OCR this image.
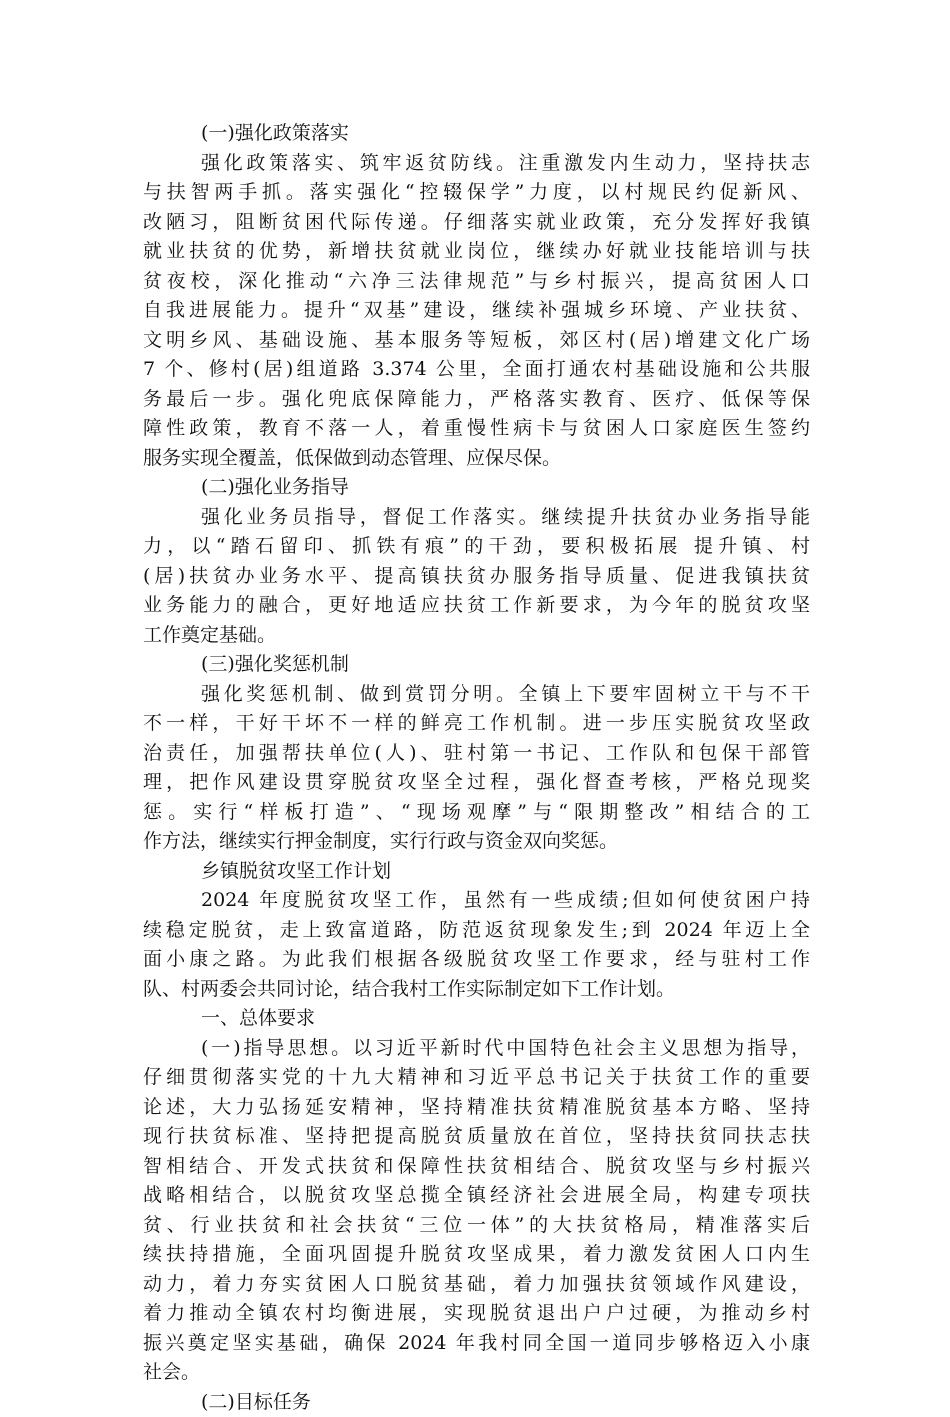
(一)强化政策落实
强化政策落实、筑牢返贫防线。注重激发内生动力，坚持扶志
与扶智两手抓。落实强化“控辍保学”力度，以村规民约促新风、
改陋习，阻断贫困代际传递。仔细落实就业政策，充分发挥好我镇
就业扶贫的优势，新增扶贫就业岗位，继续办好就业技能培训与扶
贫夜校，深化推动“六净三法律规范”与乡村振兴，提高贫困人口
自我进展能力。提升“双基”建设，继续补强城乡环境、产业扶贫、
文明乡风、基础设施、基本服务等短板，郊区村(居)增建文化广场
7 个、修村(居)组道路 3.374 公里，全面打通农村基础设施和公共服
务最后一步。强化兜底保障能力，严格落实教育、医疗、低保等保
障性政策，教育不落一人，着重慢性病卡与贫困人口家庭医生签约
服务实现全覆盖，低保做到动态管理、应保尽保。
(二)强化业务指导
强化业务员指导，督促工作落实。继续提升扶贫办业务指导能
力，以“踏石留印、抓铁有痕”的干劲，要积极拓展 提升镇、村
(居)扶贫办业务水平、提高镇扶贫办服务指导质量、促进我镇扶贫
业务能力的融合，更好地适应扶贫工作新要求，为今年的脱贫攻坚
工作奠定基础。
(三)强化奖惩机制
强化奖惩机制、做到赏罚分明。全镇上下要牢固树立干与不干
不一样，干好干坏不一样的鲜亮工作机制。进一步压实脱贫攻坚政
治责任，加强帮扶单位(人)、驻村第一书记、工作队和包保干部管
理，把作风建设贯穿脱贫攻坚全过程，强化督查考核，严格兑现奖
惩。实行“样板打造”、“现场观摩”与“限期整改”相结合的工
作方法，继续实行押金制度，实行行政与资金双向奖惩。
乡镇脱贫攻坚工作计划
2024 年度脱贫攻坚工作，虽然有一些成绩;但如何使贫困户持
续稳定脱贫，走上致富道路，防范返贫现象发生;到 2024 年迈上全
面小康之路。为此我们根据各级脱贫攻坚工作要求，经与驻村工作
队、村两委会共同讨论，结合我村工作实际制定如下工作计划。
一、总体要求
(一)指导思想。以习近平新时代中国特色社会主义思想为指导，
仔细贯彻落实党的十九大精神和习近平总书记关于扶贫工作的重要
论述，大力弘扬延安精神，坚持精准扶贫精准脱贫基本方略、坚持
现行扶贫标准、坚持把提高脱贫质量放在首位，坚持扶贫同扶志扶
智相结合、开发式扶贫和保障性扶贫相结合、脱贫攻坚与乡村振兴
战略相结合，以脱贫攻坚总揽全镇经济社会进展全局，构建专项扶
贫、行业扶贫和社会扶贫“三位一体”的大扶贫格局，精准落实后
续扶持措施，全面巩固提升脱贫攻坚成果，着力激发贫困人口内生
动力，着力夯实贫困人口脱贫基础，着力加强扶贫领域作风建设，
着力推动全镇农村均衡进展，实现脱贫退出户户过硬，为推动乡村
振兴奠定坚实基础，确保 2024 年我村同全国一道同步够格迈入小康
社会。
(二)目标任务
